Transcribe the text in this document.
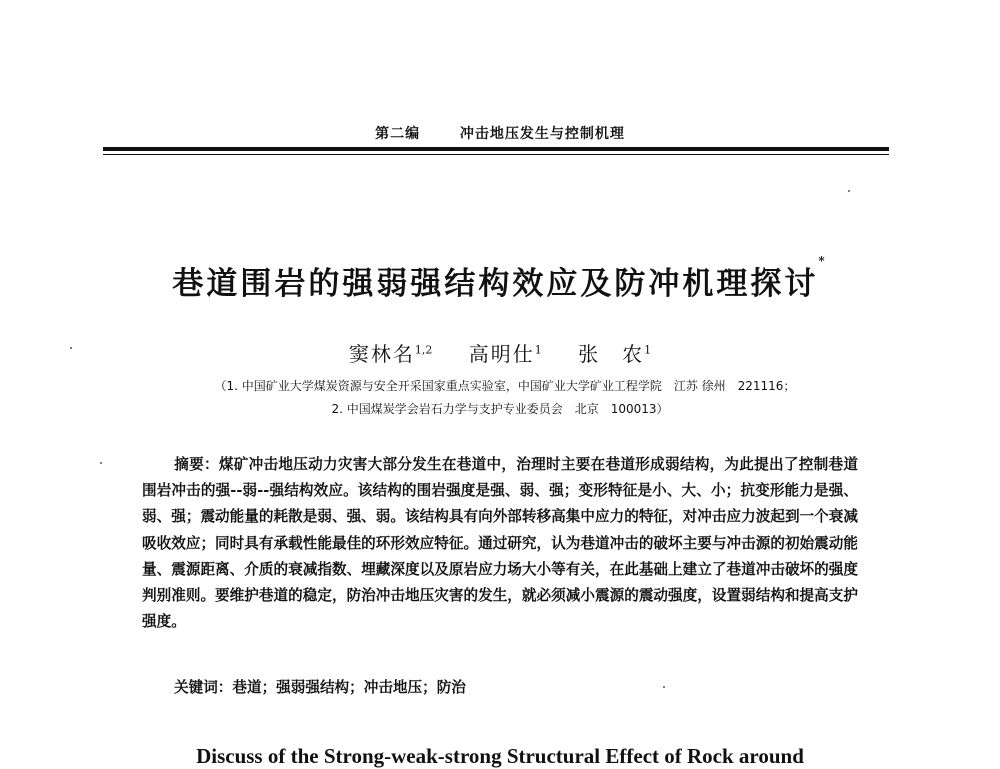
第二编	冲击地压发生与控制机理
巷道围岩的强弱强结构效应及防冲机理探讨*
窦林名$^{1,2}$ 高明仕$^1$ 张　农$^1$
（1. 中国矿业大学煤炭资源与安全开采国家重点实验室，中国矿业大学矿业工程学院　江苏 徐州　221116；
2. 中国煤炭学会岩石力学与支护专业委员会　北京　100013）
摘要：煤矿冲击地压动力灾害大部分发生在巷道中，治理时主要在巷道形成弱结构，为此提出了控制巷道围岩冲击的强--弱--强结构效应。该结构的围岩强度是强、弱、强；变形特征是小、大、小；抗变形能力是强、弱、强；震动能量的耗散是弱、强、弱。该结构具有向外部转移高集中应力的特征，对冲击应力波起到一个衰减吸收效应；同时具有承载性能最佳的环形效应特征。通过研究，认为巷道冲击的破坏主要与冲击源的初始震动能量、震源距离、介质的衰减指数、埋藏深度以及原岩应力场大小等有关，在此基础上建立了巷道冲击破坏的强度判别准则。要维护巷道的稳定，防治冲击地压灾害的发生，就必须减小震源的震动强度，设置弱结构和提高支护强度。
关键词：巷道；强弱强结构；冲击地压；防治
Discuss of the Strong-weak-strong Structural Effect of Rock around
